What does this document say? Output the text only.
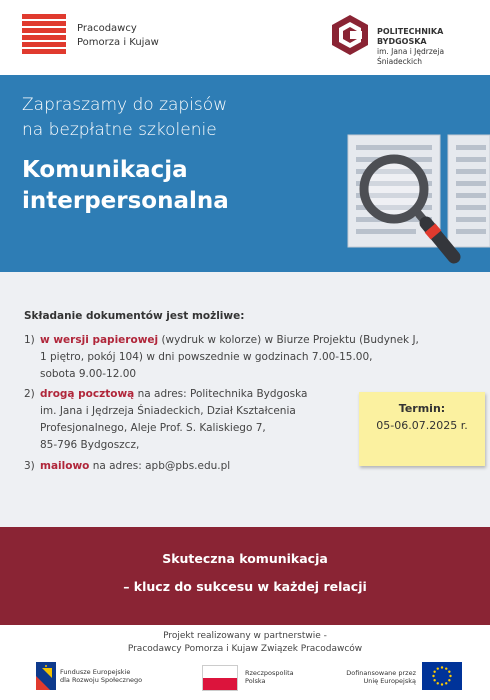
Pracodawcy
Pomorza i Kujaw
POLITECHNIKA
BYDGOSKA
im. Jana i Jędrzeja Śniadeckich
Zapraszamy do zapisów
na bezpłatne szkolenie
Komunikacja
interpersonalna
Składanie dokumentów jest możliwe:
1) w wersji papierowej (wydruk w kolorze) w Biurze Projektu (Budynek J,
1 piętro, pokój 104) w dni powszednie w godzinach 7.00-15.00,
sobota 9.00-12.00
2) drogą pocztową na adres: Politechnika Bydgoska
im. Jana i Jędrzeja Śniadeckich, Dział Kształcenia
Profesjonalnego, Aleje Prof. S. Kaliskiego 7,
85-796 Bydgoszcz,
3) mailowo na adres: apb@pbs.edu.pl
Termin:
05-06.07.2025 r.
Skuteczna komunikacja
– klucz do sukcesu w każdej relacji
Projekt realizowany w partnerstwie -
Pracodawcy Pomorza i Kujaw Związek Pracodawców
Fundusze Europejskie
dla Rozwoju Społecznego
Rzeczpospolita
Polska
Dofinansowane przez
Unię Europejską
